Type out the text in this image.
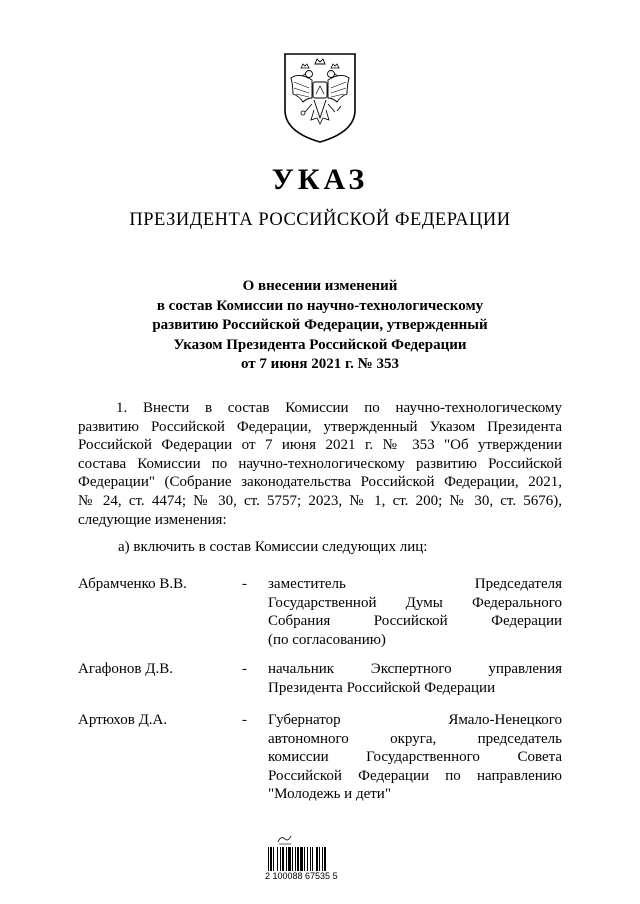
УКАЗ
ПРЕЗИДЕНТА РОССИЙСКОЙ ФЕДЕРАЦИИ
О внесении изменений
в состав Комиссии по научно-технологическому
развитию Российской Федерации, утвержденный
Указом Президента Российской Федерации
от 7 июня 2021 г. № 353
1. Внести в состав Комиссии по научно-технологическому
развитию Российской Федерации, утвержденный Указом Президента
Российской Федерации от 7 июня 2021 г. № 353 "Об утверждении
состава Комиссии по научно-технологическому развитию Российской
Федерации" (Собрание законодательства Российской Федерации, 2021,
№ 24, ст. 4474; № 30, ст. 5757; 2023, № 1, ст. 200; № 30, ст. 5676),
следующие изменения:
а) включить в состав Комиссии следующих лиц:
Абрамченко В.В.	- заместитель Председателя
Государственной Думы Федерального
Собрания Российской Федерации
(по согласованию)
Агафонов Д.В.	- начальник Экспертного управления
Президента Российской Федерации
Артюхов Д.А.	- Губернатор Ямало-Ненецкого
автономного округа, председатель
комиссии Государственного Совета
Российской Федерации по направлению
"Молодежь и дети"
2 100088 67535 5
